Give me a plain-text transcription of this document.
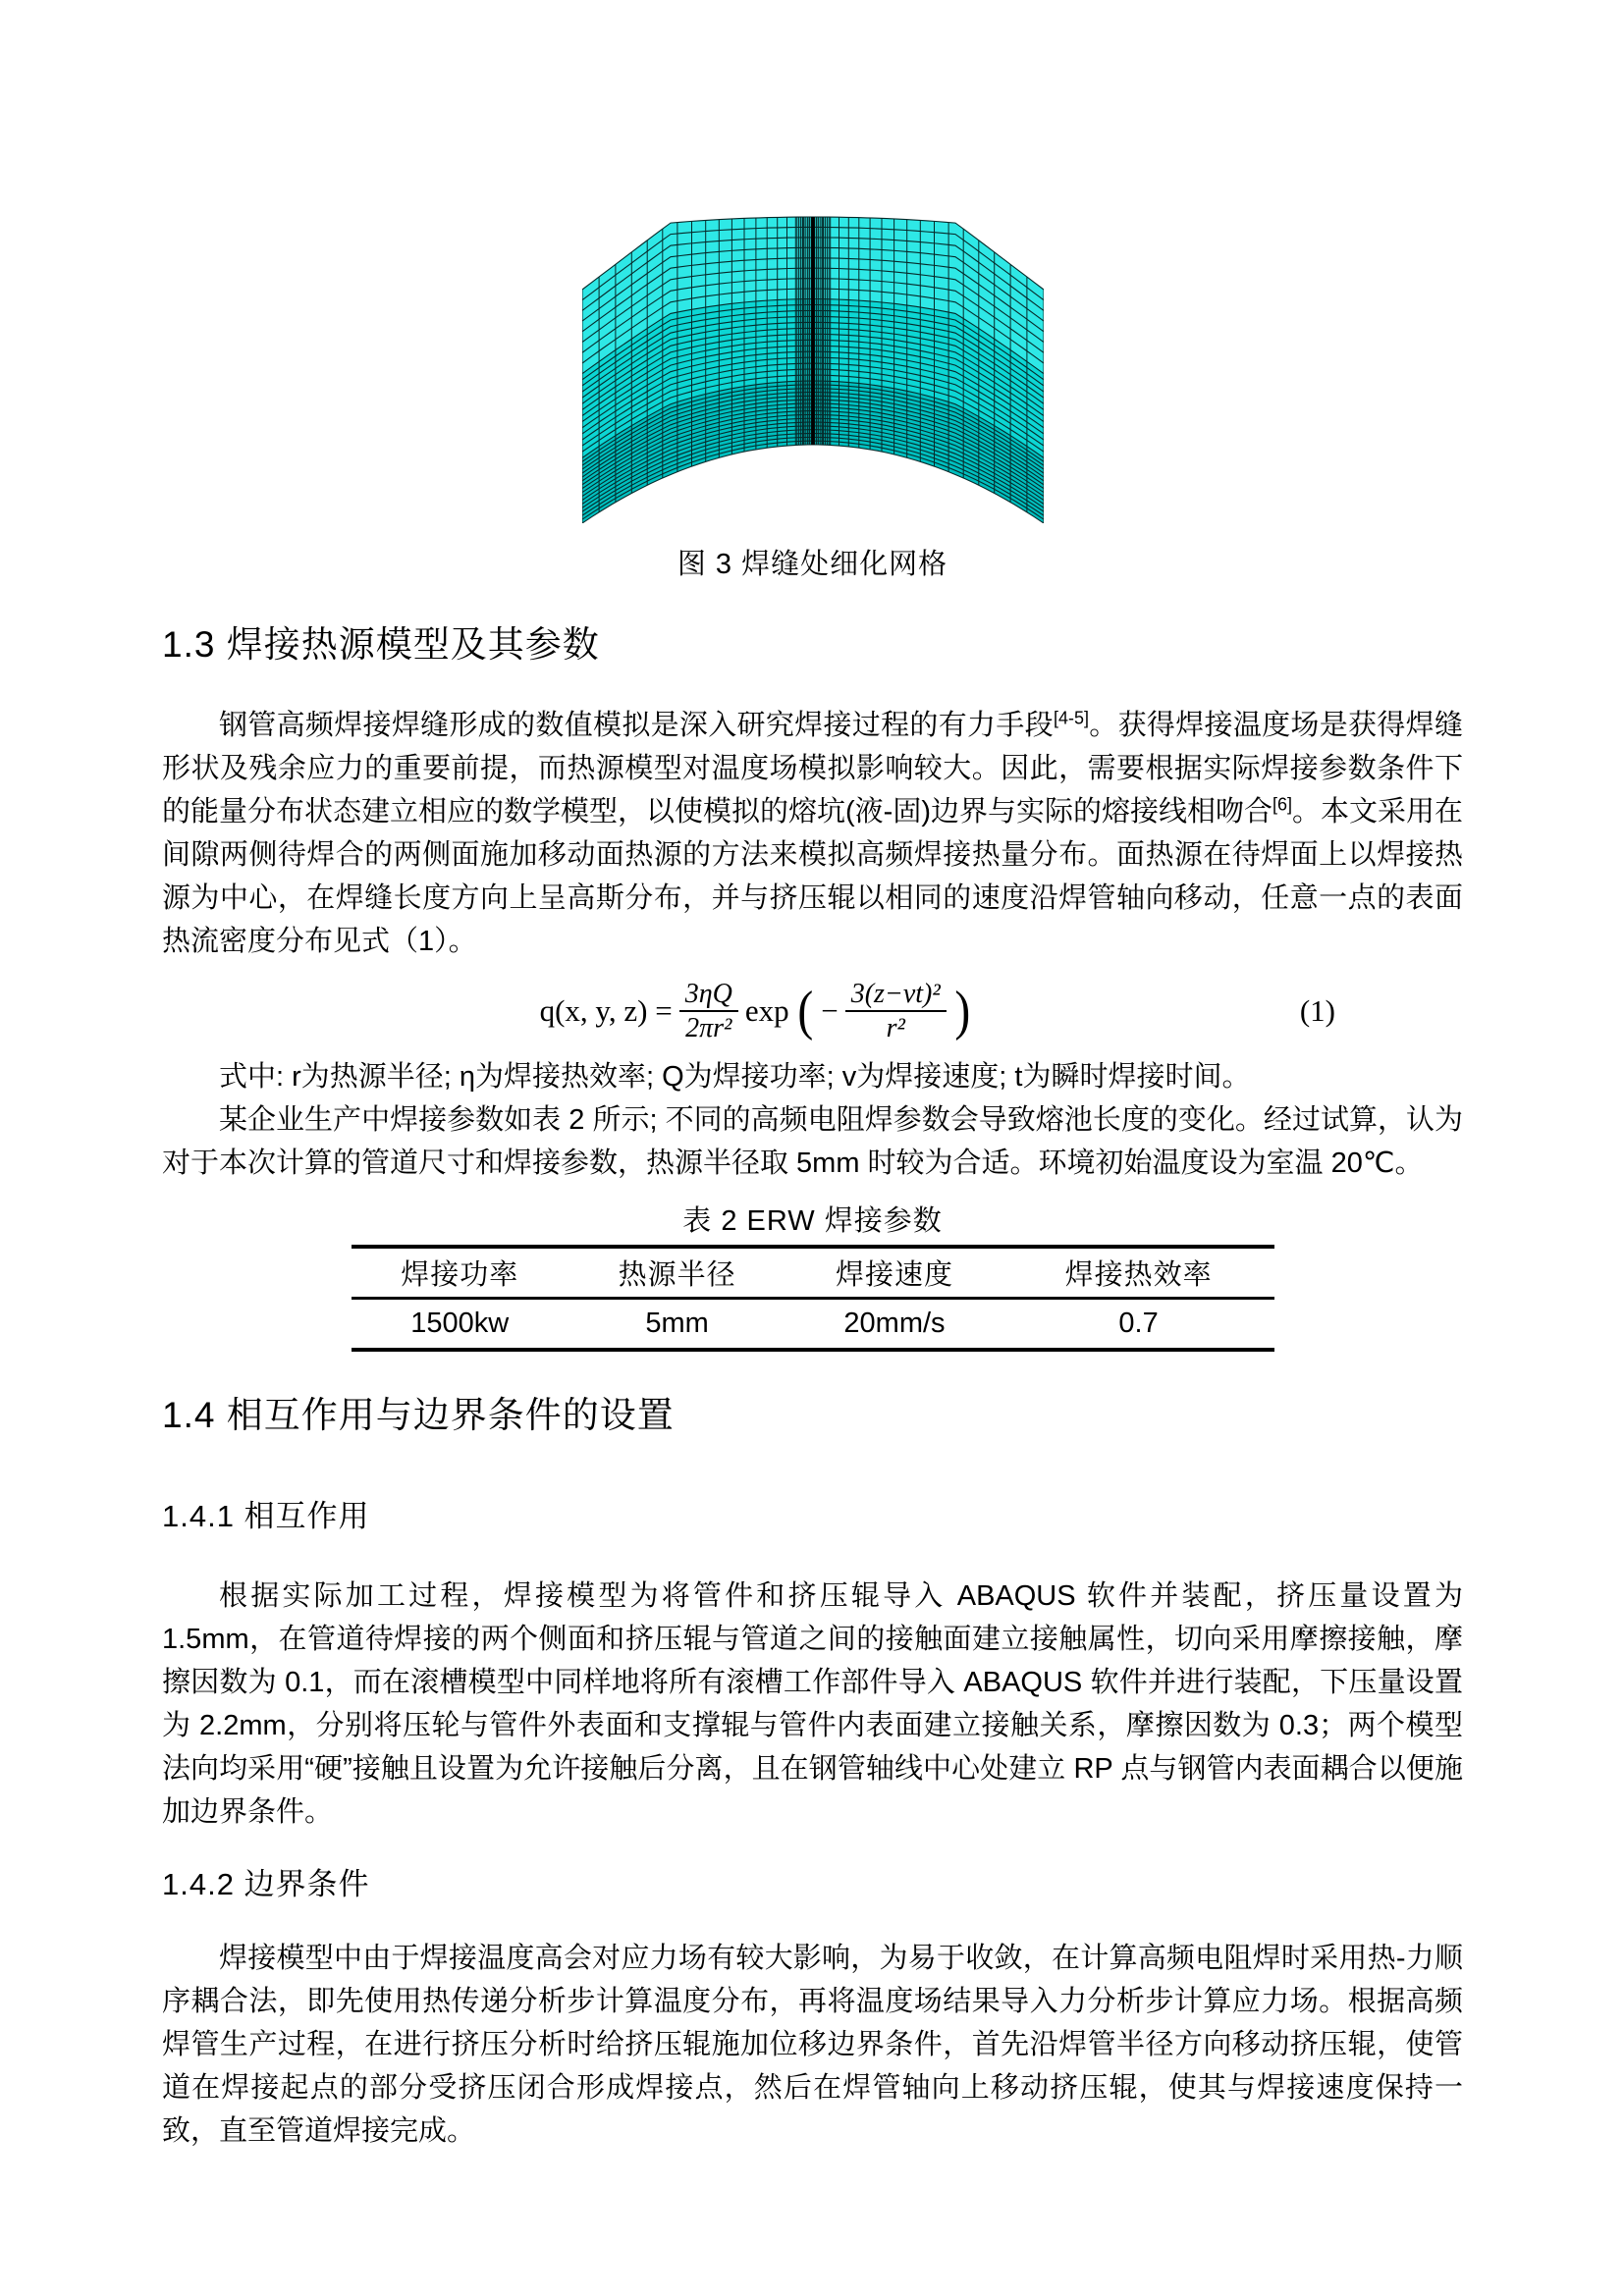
图 3 焊缝处细化网格
1.3 焊接热源模型及其参数

钢管高频焊接焊缝形成的数值模拟是深入研究焊接过程的有力手段[4-5]。获得焊接温度场是获得焊缝形状及残余应力的重要前提，而热源模型对温度场模拟影响较大。因此，需要根据实际焊接参数条件下的能量分布状态建立相应的数学模型，以使模拟的熔坑(液-固)边界与实际的熔接线相吻合[6]。本文采用在间隙两侧待焊合的两侧面施加移动面热源的方法来模拟高频焊接热量分布。面热源在待焊面上以焊接热源为中心，在焊缝长度方向上呈高斯分布，并与挤压辊以相同的速度沿焊管轴向移动，任意一点的表面热流密度分布见式（1）。

q(x, y, $z) = \frac{3\eta Q}{\text{2πr²}}$ exp ( − $\frac{\text{3(z−vt)²}}{\text{r²}}$ )	(1)

式中: r为热源半径; η为焊接热效率; Q为焊接功率; v为焊接速度; t为瞬时焊接时间。

某企业生产中焊接参数如表 2 所示; 不同的高频电阻焊参数会导致熔池长度的变化。经过试算，认为对于本次计算的管道尺寸和焊接参数，热源半径取 5mm 时较为合适。环境初始温度设为室温 20℃。

表 2 ERW 焊接参数
焊接功率	热源半径	焊接速度	焊接热效率
1500kw	5mm	20mm/s	0.7
1.4 相互作用与边界条件的设置
1.4.1 相互作用

根据实际加工过程，焊接模型为将管件和挤压辊导入 ABAQUS 软件并装配，挤压量设置为 1.5mm，在管道待焊接的两个侧面和挤压辊与管道之间的接触面建立接触属性，切向采用摩擦接触，摩擦因数为 0.1，而在滚槽模型中同样地将所有滚槽工作部件导入 ABAQUS 软件并进行装配，下压量设置为 2.2mm，分别将压轮与管件外表面和支撑辊与管件内表面建立接触关系，摩擦因数为 0.3；两个模型法向均采用“硬”接触且设置为允许接触后分离，且在钢管轴线中心处建立 RP 点与钢管内表面耦合以便施加边界条件。

1.4.2 边界条件

焊接模型中由于焊接温度高会对应力场有较大影响，为易于收敛，在计算高频电阻焊时采用热-力顺序耦合法，即先使用热传递分析步计算温度分布，再将温度场结果导入力分析步计算应力场。根据高频焊管生产过程，在进行挤压分析时给挤压辊施加位移边界条件，首先沿焊管半径方向移动挤压辊，使管道在焊接起点的部分受挤压闭合形成焊接点，然后在焊管轴向上移动挤压辊，使其与焊接速度保持一致，直至管道焊接完成。
